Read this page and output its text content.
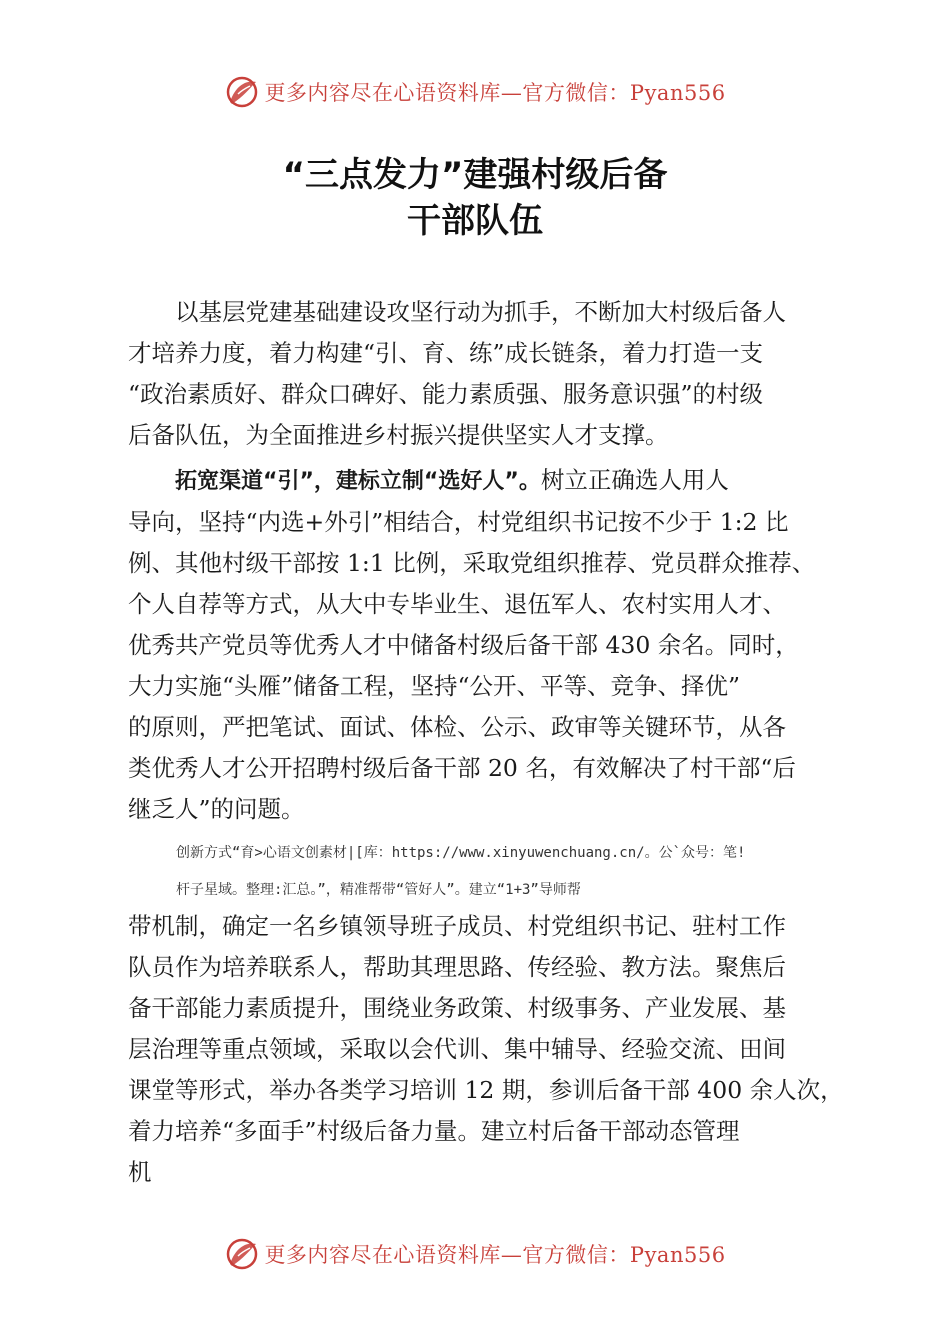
更多内容尽在心语资料库—官方微信：Pyan556
“三点发力”建强村级后备
干部队伍
以基层党建基础建设攻坚行动为抓手，不断加大村级后备人
才培养力度，着力构建“引、育、练”成长链条，着力打造一支
“政治素质好、群众口碑好、能力素质强、服务意识强”的村级
后备队伍，为全面推进乡村振兴提供坚实人才支撑。
拓宽渠道“引”，建标立制“选好人”。树立正确选人用人
导向，坚持“内选+外引”相结合，村党组织书记按不少于 1:2 比
例、其他村级干部按 1:1 比例，采取党组织推荐、党员群众推荐、
个人自荐等方式，从大中专毕业生、退伍军人、农村实用人才、
优秀共产党员等优秀人才中储备村级后备干部 430 余名。同时，
大力实施“头雁”储备工程，坚持“公开、平等、竞争、择优”
的原则，严把笔试、面试、体检、公示、政审等关键环节，从各
类优秀人才公开招聘村级后备干部 20 名，有效解决了村干部“后
继乏人”的问题。
创新方式“育>心语文创素材|[库：https://www.xinyuwenchuang.cn/。公`众号：笔!
杆子星域。整理:汇总。”，精准帮带“管好人”。建立“1+3”导师帮
带机制，确定一名乡镇领导班子成员、村党组织书记、驻村工作
队员作为培养联系人，帮助其理思路、传经验、教方法。聚焦后
备干部能力素质提升，围绕业务政策、村级事务、产业发展、基
层治理等重点领域，采取以会代训、集中辅导、经验交流、田间
课堂等形式，举办各类学习培训 12 期，参训后备干部 400 余人次，
着力培养“多面手”村级后备力量。建立村后备干部动态管理
机
更多内容尽在心语资料库—官方微信：Pyan556
